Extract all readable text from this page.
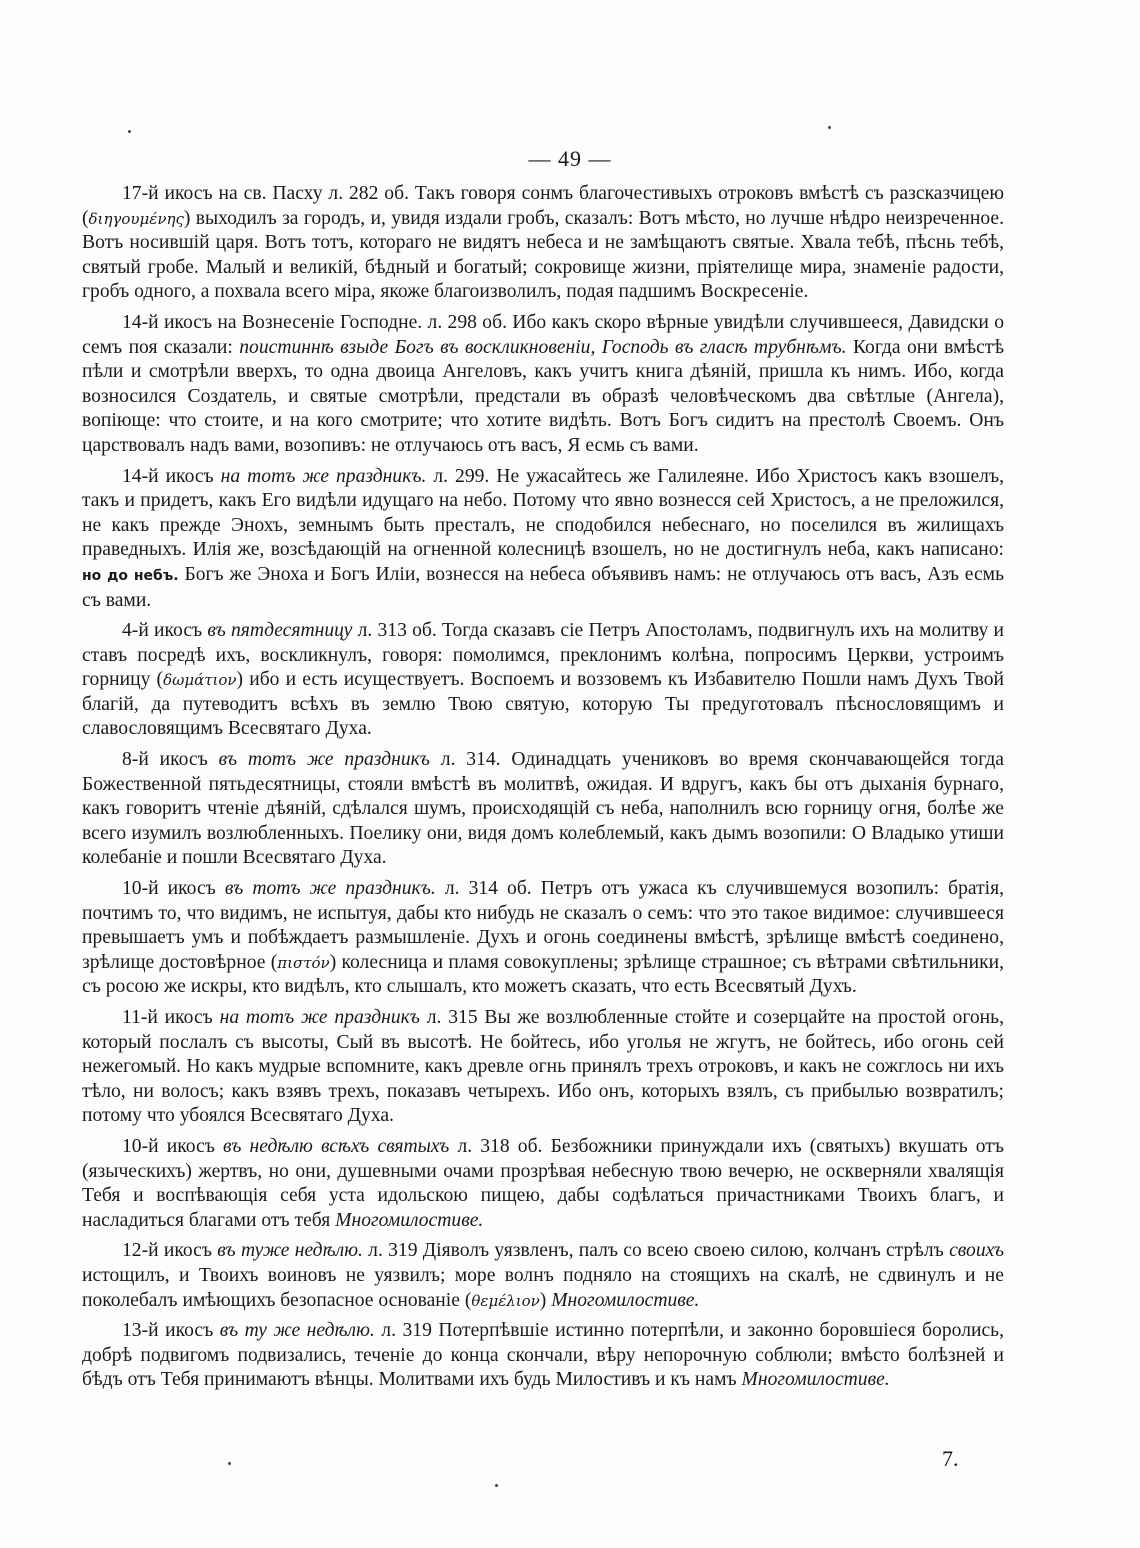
— 49 —

17-й икосъ на св. Пасху л. 282 об. Такъ говоря сонмъ благочестивыхъ отроковъ вмѣстѣ съ разсказчицею (διηγουμένης) выходилъ за городъ, и, увидя издали гробъ, сказалъ: Вотъ мѣсто, но лучше нѣдро неизреченное. Вотъ носившій царя. Вотъ тотъ, котораго не видятъ небеса и не замѣщаютъ святые. Хвала тебѣ, пѣснь тебѣ, святый гробе. Малый и великій, бѣдный и богатый; сокровище жизни, пріятелище мира, знаменіе радости, гробъ одного, а похвала всего міра, якоже благоизволилъ, подая падшимъ Воскресеніе.

14-й икосъ на Вознесеніе Господне. л. 298 об. Ибо какъ скоро вѣрные увидѣли случившееся, Давидски о семъ поя сказали: поистиннѣ взыде Богъ въ воскликновеніи, Господь въ гласѣ трубнѣмъ. Когда они вмѣстѣ пѣли и смотрѣли вверхъ, то одна двоица Ангеловъ, какъ учитъ книга дѣяній, пришла къ нимъ. Ибо, когда возносился Создатель, и святые смотрѣли, предстали въ образѣ человѣческомъ два свѣтлые (Ангела), вопіюще: что стоите, и на кого смотрите; что хотите видѣть. Вотъ Богъ сидитъ на престолѣ Своемъ. Онъ царствовалъ надъ вами, возопивъ: не отлучаюсь отъ васъ, Я есмь съ вами.

14-й икосъ на тотъ же праздникъ. л. 299. Не ужасайтесь же Галилеяне. Ибо Христосъ какъ взошелъ, такъ и придетъ, какъ Его видѣли идущаго на небо. Потому что явно вознесся сей Христосъ, а не преложился, не какъ прежде Энохъ, земнымъ быть престалъ, не сподобился небеснаго, но поселился въ жилищахъ праведныхъ. Илія же, возсѣдающій на огненной колесницѣ взошелъ, но не достигнулъ неба, какъ написано: но до небъ. Богъ же Эноха и Богъ Иліи, вознесся на небеса объявивъ намъ: не отлучаюсь отъ васъ, Азъ есмь съ вами.

4-й икосъ въ пятдесятницу л. 313 об. Тогда сказавъ сіе Петръ Апостоламъ, подвигнулъ ихъ на молитву и ставъ посредѣ ихъ, воскликнулъ, говоря: помолимся, преклонимъ колѣна, попросимъ Церкви, устроимъ горницу (δωμάτιον) ибо и есть исуществуетъ. Воспоемъ и воззовемъ къ Избавителю Пошли намъ Духъ Твой благій, да путеводитъ всѣхъ въ землю Твою святую, которую Ты предуготовалъ пѣснословящимъ и славословящимъ Всесвятаго Духа.

8-й икосъ въ тотъ же праздникъ л. 314. Одинадцать учениковъ во время скончавающейся тогда Божественной пятьдесятницы, стояли вмѣстѣ въ молитвѣ, ожидая. И вдругъ, какъ бы отъ дыханія бурнаго, какъ говоритъ чтеніе дѣяній, сдѣлался шумъ, происходящій съ неба, наполнилъ всю горницу огня, болѣе же всего изумилъ возлюбленныхъ. Поелику они, видя домъ колеблемый, какъ дымъ возопили: О Владыко утиши колебаніе и пошли Всесвятаго Духа.

10-й икосъ въ тотъ же праздникъ. л. 314 об. Петръ отъ ужаса къ случившемуся возопилъ: братія, почтимъ то, что видимъ, не испытуя, дабы кто нибудь не сказалъ о семъ: что это такое видимое: случившееся превышаетъ умъ и побѣждаетъ размышленіе. Духъ и огонь соединены вмѣстѣ, зрѣлище вмѣстѣ соединено, зрѣлище достовѣрное (πιστόν) колесница и пламя совокуплены; зрѣлище страшное; съ вѣтрами свѣтильники, съ росою же искры, кто видѣлъ, кто слышалъ, кто можетъ сказать, что есть Всесвятый Духъ.

11-й икосъ на тотъ же праздникъ л. 315 Вы же возлюбленные стойте и созерцайте на простой огонь, который послалъ съ высоты, Сый въ высотѣ. Не бойтесь, ибо уголья не жгутъ, не бойтесь, ибо огонь сей нежегомый. Но какъ мудрые вспомните, какъ древле огнь принялъ трехъ отроковъ, и какъ не сожглось ни ихъ тѣло, ни волосъ; какъ взявъ трехъ, показавъ четырехъ. Ибо онъ, которыхъ взялъ, съ прибылью возвратилъ; потому что убоялся Всесвятаго Духа.

10-й икосъ въ недѣлю всѣхъ святыхъ л. 318 об. Безбожники принуждали ихъ (святыхъ) вкушать отъ (языческихъ) жертвъ, но они, душевными очами прозрѣвая небесную твою вечерю, не оскверняли хвалящія Тебя и воспѣвающія себя уста идольскою пищею, дабы содѣлаться причастниками Твоихъ благъ, и насладиться благами отъ тебя Многомилостиве.

12-й икосъ въ туже недѣлю. л. 319 Діяволъ уязвленъ, палъ со всею своею силою, колчанъ стрѣлъ своихъ истощилъ, и Твоихъ воиновъ не уязвилъ; море волнъ подняло на стоящихъ на скалѣ, не сдвинулъ и не поколебалъ имѣющихъ безопасное основаніе (θεμέλιον) Многомилостиве.

13-й икосъ въ ту же недѣлю. л. 319 Потерпѣвшіе истинно потерпѣли, и законно боровшіеся боролись, добрѣ подвигомъ подвизались, теченіе до конца скончали, вѣру непорочную соблюли; вмѣсто болѣзней и бѣдъ отъ Тебя принимаютъ вѣнцы. Молитвами ихъ будь Милостивъ и къ намъ Многомилостиве.

7.
